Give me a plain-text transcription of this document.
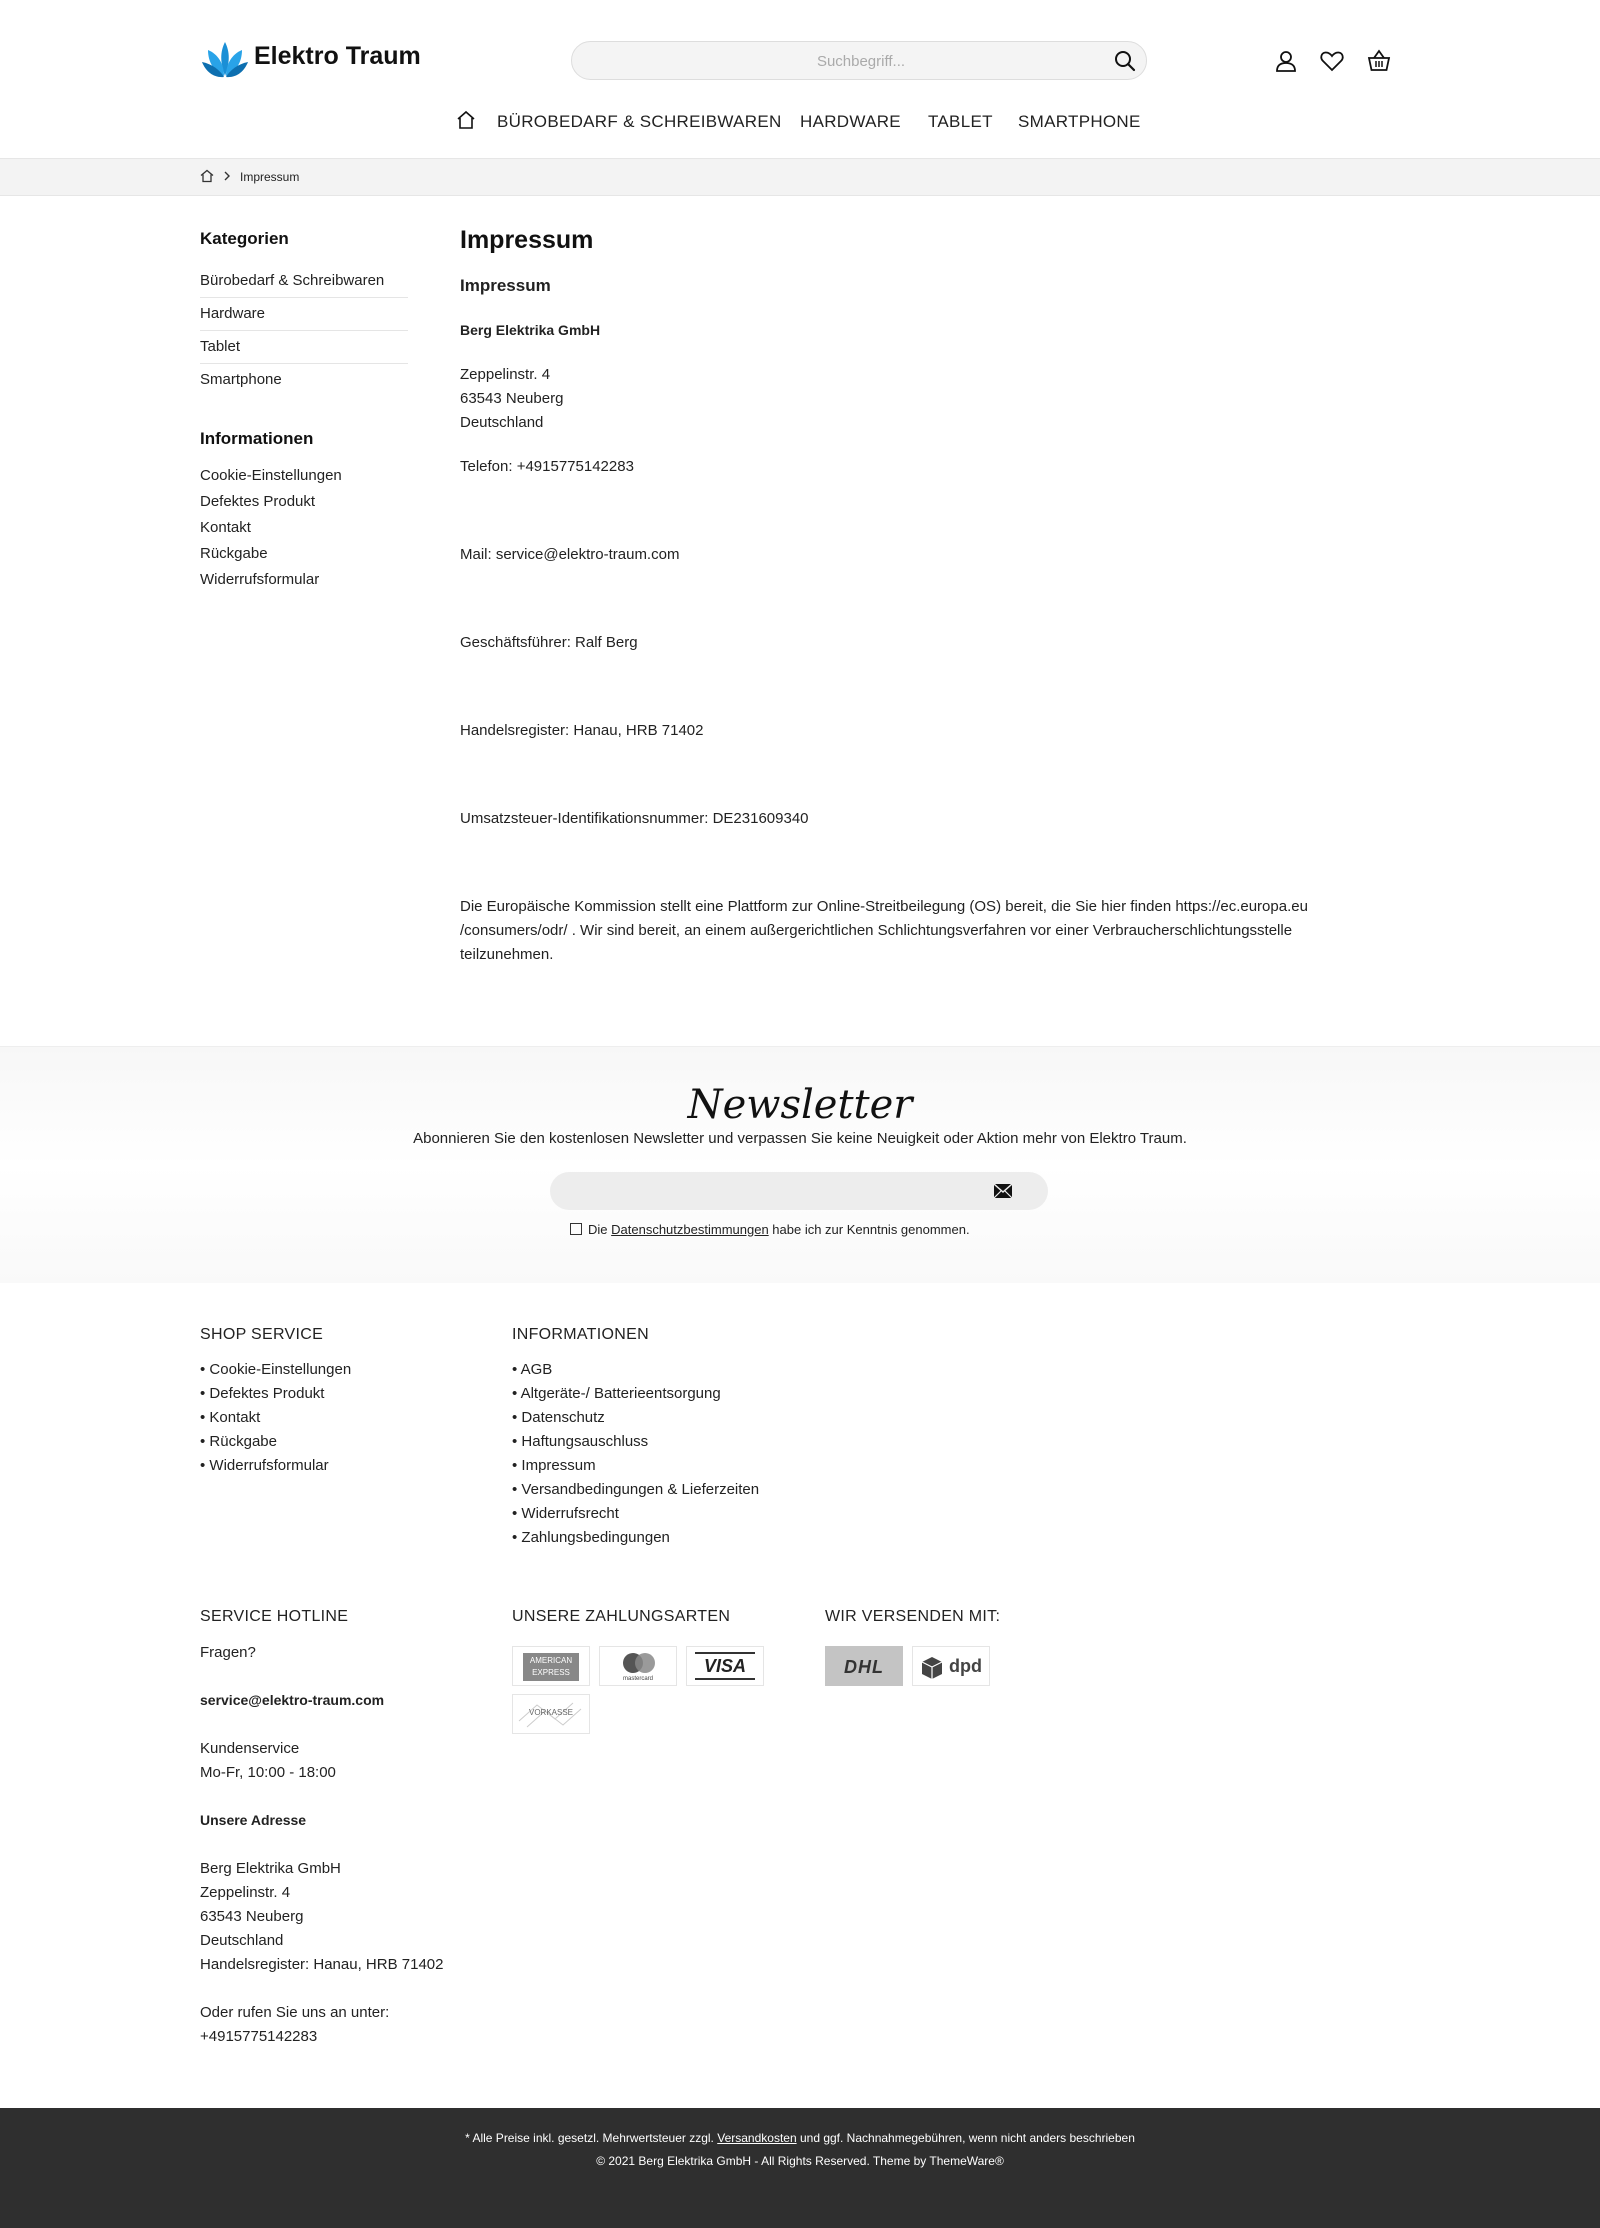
Elektro Traum
Suchbegriff...
BÜROBEDARF & SCHREIBWAREN HARDWARE TABLET SMARTPHONE
Impressum
Kategorien
Bürobedarf & Schreibwaren
Hardware
Tablet
Smartphone
Informationen
Cookie-Einstellungen
Defektes Produkt
Kontakt
Rückgabe
Widerrufsformular
Impressum
Impressum
Berg Elektrika GmbH
Zeppelinstr. 4
63543 Neuberg
Deutschland
Telefon: +4915775142283
Mail: service@elektro-traum.com
Geschäftsführer: Ralf Berg
Handelsregister: Hanau, HRB 71402
Umsatzsteuer-Identifikationsnummer: DE231609340
Die Europäische Kommission stellt eine Plattform zur Online-Streitbeilegung (OS) bereit, die Sie hier finden https://ec.europa.eu
/consumers/odr/ . Wir sind bereit, an einem außergerichtlichen Schlichtungsverfahren vor einer Verbraucherschlichtungsstelle
teilzunehmen.
Newsletter
Abonnieren Sie den kostenlosen Newsletter und verpassen Sie keine Neuigkeit oder Aktion mehr von Elektro Traum.
Die Datenschutzbestimmungen habe ich zur Kenntnis genommen.
SHOP SERVICE
• Cookie-Einstellungen
• Defektes Produkt
• Kontakt
• Rückgabe
• Widerrufsformular
INFORMATIONEN
• AGB
• Altgeräte-/ Batterieentsorgung
• Datenschutz
• Haftungsauschluss
• Impressum
• Versandbedingungen & Lieferzeiten
• Widerrufsrecht
• Zahlungsbedingungen
SERVICE HOTLINE
Fragen?
service@elektro-traum.com
Kundenservice
Mo-Fr, 10:00 - 18:00
Unsere Adresse
Berg Elektrika GmbH
Zeppelinstr. 4
63543 Neuberg
Deutschland
Handelsregister: Hanau, HRB 71402
Oder rufen Sie uns an unter:
+4915775142283
UNSERE ZAHLUNGSARTEN
AMERICAN
EXPRESS
mastercard
VISA
VORKASSE
WIR VERSENDEN MIT:
DHL	dpd
* Alle Preise inkl. gesetzl. Mehrwertsteuer zzgl. Versandkosten und ggf. Nachnahmegebühren, wenn nicht anders beschrieben
© 2021 Berg Elektrika GmbH - All Rights Reserved. Theme by ThemeWare®
